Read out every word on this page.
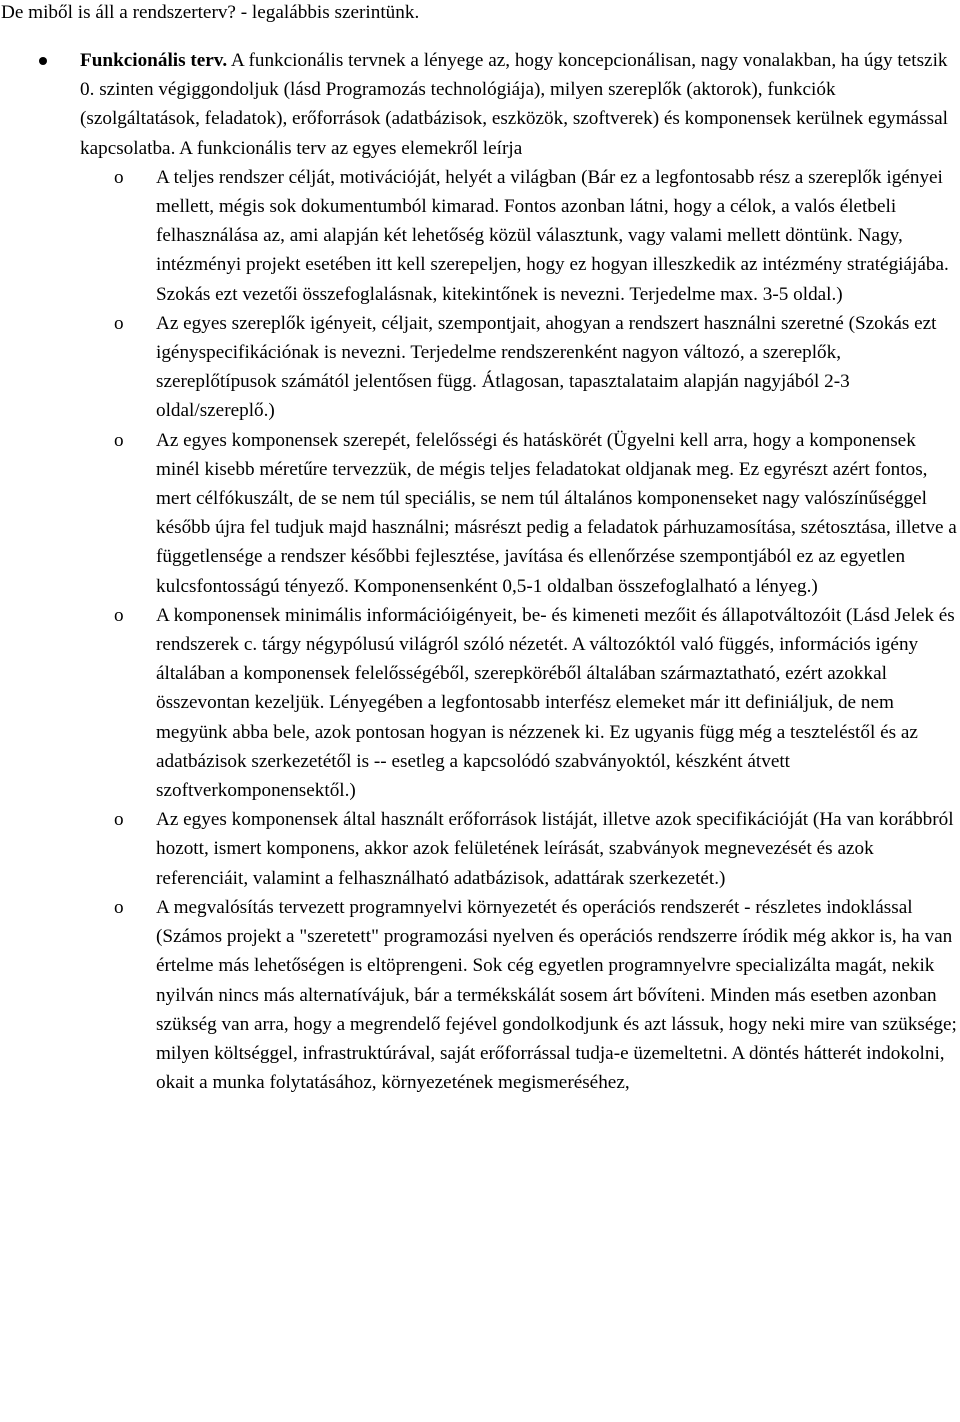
De miből is áll a rendszerterv? - legalábbis szerintünk.

Funkcionális terv. A funkcionális tervnek a lényege az, hogy koncepcionálisan, nagy vonalakban, ha úgy tetszik 0. szinten végiggondoljuk (lásd Programozás technológiája), milyen szereplők (aktorok), funkciók (szolgáltatások, feladatok), erőforrások (adatbázisok, eszközök, szoftverek) és komponensek kerülnek egymással kapcsolatba. A funkcionális terv az egyes elemekről leírja

o A teljes rendszer célját, motivációját, helyét a világban (Bár ez a legfontosabb rész a szereplők igényei mellett, mégis sok dokumentumból kimarad. Fontos azonban látni, hogy a célok, a valós életbeli felhasználása az, ami alapján két lehetőség közül választunk, vagy valami mellett döntünk. Nagy, intézményi projekt esetében itt kell szerepeljen, hogy ez hogyan illeszkedik az intézmény stratégiájába. Szokás ezt vezetői összefoglalásnak, kitekintőnek is nevezni. Terjedelme max. 3-5 oldal.)
o Az egyes szereplők igényeit, céljait, szempontjait, ahogyan a rendszert használni szeretné (Szokás ezt igényspecifikációnak is nevezni. Terjedelme rendszerenként nagyon változó, a szereplők, szereplőtípusok számától jelentősen függ. Átlagosan, tapasztalataim alapján nagyjából 2-3 oldal/szereplő.)
o Az egyes komponensek szerepét, felelősségi és hatáskörét (Ügyelni kell arra, hogy a komponensek minél kisebb méretűre tervezzük, de mégis teljes feladatokat oldjanak meg. Ez egyrészt azért fontos, mert célfókuszált, de se nem túl speciális, se nem túl általános komponenseket nagy valószínűséggel később újra fel tudjuk majd használni; másrészt pedig a feladatok párhuzamosítása, szétosztása, illetve a függetlensége a rendszer későbbi fejlesztése, javítása és ellenőrzése szempontjából ez az egyetlen kulcsfontosságú tényező. Komponensenként 0,5-1 oldalban összefoglalható a lényeg.)
o A komponensek minimális információigényeit, be- és kimeneti mezőit és állapotváltozóit (Lásd Jelek és rendszerek c. tárgy négypólusú világról szóló nézetét. A változóktól való függés, információs igény általában a komponensek felelősségéből, szerepköréből általában származtatható, ezért azokkal összevontan kezeljük. Lényegében a legfontosabb interfész elemeket már itt definiáljuk, de nem megyünk abba bele, azok pontosan hogyan is nézzenek ki. Ez ugyanis függ még a teszteléstől és az adatbázisok szerkezetétől is -- esetleg a kapcsolódó szabványoktól, készként átvett szoftverkomponensektől.)
o Az egyes komponensek által használt erőforrások listáját, illetve azok specifikációját (Ha van korábbról hozott, ismert komponens, akkor azok felületének leírását, szabványok megnevezését és azok referenciáit, valamint a felhasználható adatbázisok, adattárak szerkezetét.)
o A megvalósítás tervezett programnyelvi környezetét és operációs rendszerét - részletes indoklással (Számos projekt a "szeretett" programozási nyelven és operációs rendszerre íródik még akkor is, ha van értelme más lehetőségen is eltöprengeni. Sok cég egyetlen programnyelvre specializálta magát, nekik nyilván nincs más alternatívájuk, bár a termékskálát sosem árt bővíteni. Minden más esetben azonban szükség van arra, hogy a megrendelő fejével gondolkodjunk és azt lássuk, hogy neki mire van szüksége; milyen költséggel, infrastruktúrával, saját erőforrással tudja-e üzemeltetni. A döntés hátterét indokolni, okait a munka folytatásához, környezetének megismeréséhez,
